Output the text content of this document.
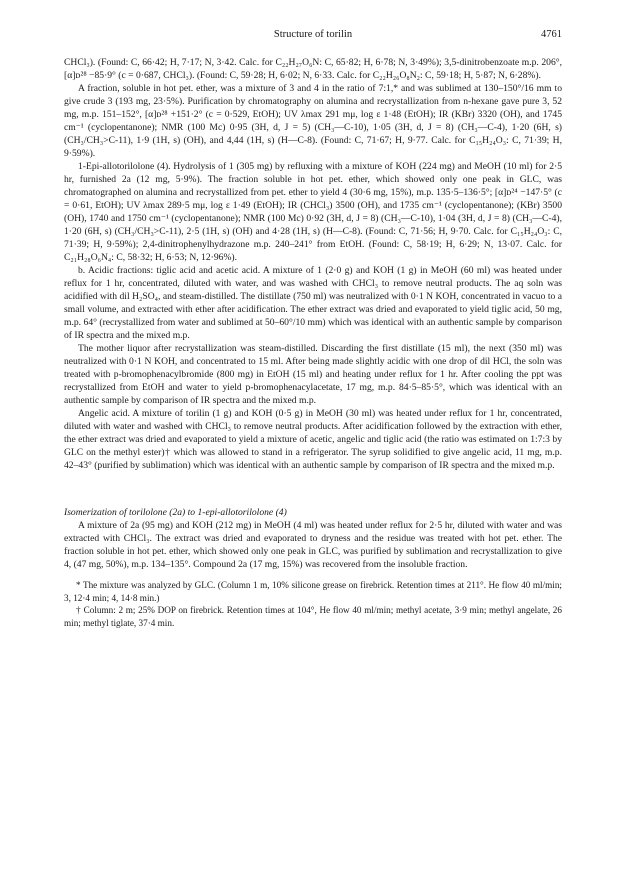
Structure of torilin	4761

CHCl₃). (Found: C, 66·42; H, 7·17; N, 3·42. Calc. for C₂₂H₂₇O₆N: C, 65·82; H, 6·78; N, 3·49%); 3,5-dinitrobenzoate m.p. 206°, [α]ᴅ²⁸ −85·9° (c = 0·687, CHCl₃). (Found: C, 59·28; H, 6·02; N, 6·33. Calc. for C₂₂H₂₆O₈N₂: C, 59·18; H, 5·87; N, 6·28%).

A fraction, soluble in hot pet. ether, was a mixture of 3 and 4 in the ratio of 7:1,* and was sublimed at 130–150°/16 mm to give crude 3 (193 mg, 23·5%). Purification by chromatography on alumina and recrystallization from n-hexane gave pure 3, 52 mg, m.p. 151–152°, [α]ᴅ²⁸ +151·2° (c = 0·529, EtOH); UV λmax 291 mμ, log ε 1·48 (EtOH); IR (KBr) 3320 (OH), and 1745 cm⁻¹ (cyclopentanone); NMR (100 Mc) 0·95 (3H, d, J = 5) (CH₃—C-10), 1·05 (3H, d, J = 8) (CH₃—C-4), 1·20 (6H, s) (CH₃/CH₃>C-11), 1·9 (1H, s) (OH), and 4,44 (1H, s) (H—C-8). (Found: C, 71·67; H, 9·77. Calc. for C₁₅H₂₄O₃: C, 71·39; H, 9·59%).

1-Epi-allotorilolone (4). Hydrolysis of 1 (305 mg) by refluxing with a mixture of KOH (224 mg) and MeOH (10 ml) for 2·5 hr, furnished 2a (12 mg, 5·9%). The fraction soluble in hot pet. ether, which showed only one peak in GLC, was chromatographed on alumina and recrystallized from pet. ether to yield 4 (30·6 mg, 15%), m.p. 135·5–136·5°; [α]ᴅ²⁴ −147·5° (c = 0·61, EtOH); UV λmax 289·5 mμ, log ε 1·49 (EtOH); IR (CHCl₃) 3500 (OH), and 1735 cm⁻¹ (cyclopentanone); (KBr) 3500 (OH), 1740 and 1750 cm⁻¹ (cyclopentanone); NMR (100 Mc) 0·92 (3H, d, J = 8) (CH₃—C-10), 1·04 (3H, d, J = 8) (CH₃—C-4), 1·20 (6H, s) (CH₃/CH₃>C-11), 2·5 (1H, s) (OH) and 4·28 (1H, s) (H—C-8). (Found: C, 71·56; H, 9·70. Calc. for C₁₅H₂₄O₃: C, 71·39; H, 9·59%); 2,4-dinitrophenylhydrazone m.p. 240–241° from EtOH. (Found: C, 58·19; H, 6·29; N, 13·07. Calc. for C₂₁H₂₈O₆N₄: C, 58·32; H, 6·53; N, 12·96%).

b. Acidic fractions: tiglic acid and acetic acid. A mixture of 1 (2·0 g) and KOH (1 g) in MeOH (60 ml) was heated under reflux for 1 hr, concentrated, diluted with water, and was washed with CHCl₃ to remove neutral products. The aq soln was acidified with dil H₂SO₄, and steam-distilled. The distillate (750 ml) was neutralized with 0·1 N KOH, concentrated in vacuo to a small volume, and extracted with ether after acidification. The ether extract was dried and evaporated to yield tiglic acid, 50 mg, m.p. 64° (recrystallized from water and sublimed at 50–60°/10 mm) which was identical with an authentic sample by comparison of IR spectra and the mixed m.p.

The mother liquor after recrystallization was steam-distilled. Discarding the first distillate (15 ml), the next (350 ml) was neutralized with 0·1 N KOH, and concentrated to 15 ml. After being made slightly acidic with one drop of dil HCl, the soln was treated with p-bromophenacylbromide (800 mg) in EtOH (15 ml) and heating under reflux for 1 hr. After cooling the ppt was recrystallized from EtOH and water to yield p-bromophenacylacetate, 17 mg, m.p. 84·5–85·5°, which was identical with an authentic sample by comparison of IR spectra and the mixed m.p.

Angelic acid. A mixture of torilin (1 g) and KOH (0·5 g) in MeOH (30 ml) was heated under reflux for 1 hr, concentrated, diluted with water and washed with CHCl₃ to remove neutral products. After acidification followed by the extraction with ether, the ether extract was dried and evaporated to yield a mixture of acetic, angelic and tiglic acid (the ratio was estimated on 1:7:3 by GLC on the methyl ester)† which was allowed to stand in a refrigerator. The syrup solidified to give angelic acid, 11 mg, m.p. 42–43° (purified by sublimation) which was identical with an authentic sample by comparison of IR spectra and the mixed m.p.

Isomerization of torilolone (2a) to 1-epi-allotorilolone (4)

A mixture of 2a (95 mg) and KOH (212 mg) in MeOH (4 ml) was heated under reflux for 2·5 hr, diluted with water and was extracted with CHCl₃. The extract was dried and evaporated to dryness and the residue was treated with hot pet. ether. The fraction soluble in hot pet. ether, which showed only one peak in GLC, was purified by sublimation and recrystallization to give 4, (47 mg, 50%), m.p. 134–135°. Compound 2a (17 mg, 15%) was recovered from the insoluble fraction.

* The mixture was analyzed by GLC. (Column 1 m, 10% silicone grease on firebrick. Retention times at 211°. He flow 40 ml/min; 3, 12·4 min; 4, 14·8 min.)

† Column: 2 m; 25% DOP on firebrick. Retention times at 104°, He flow 40 ml/min; methyl acetate, 3·9 min; methyl angelate, 26 min; methyl tiglate, 37·4 min.
